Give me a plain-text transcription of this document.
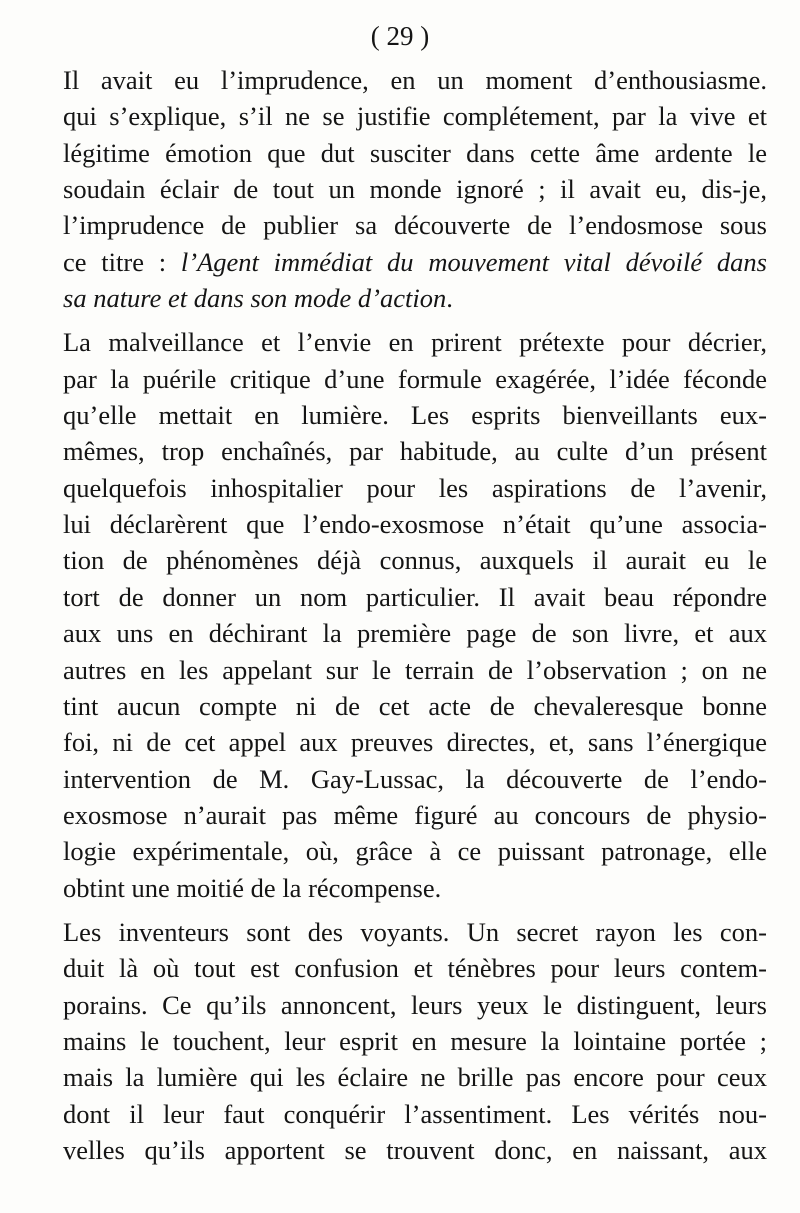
( 29 )
Il avait eu l’imprudence, en un moment d’enthousiasme.
qui s’explique, s’il ne se justifie complétement, par la vive et
légitime émotion que dut susciter dans cette âme ardente le
soudain éclair de tout un monde ignoré ; il avait eu, dis-je,
l’imprudence de publier sa découverte de l’endosmose sous
ce titre : l’Agent immédiat du mouvement vital dévoilé dans
sa nature et dans son mode d’action.
La malveillance et l’envie en prirent prétexte pour décrier,
par la puérile critique d’une formule exagérée, l’idée féconde
qu’elle mettait en lumière. Les esprits bienveillants eux-
mêmes, trop enchaînés, par habitude, au culte d’un présent
quelquefois inhospitalier pour les aspirations de l’avenir,
lui déclarèrent que l’endo-exosmose n’était qu’une associa-
tion de phénomènes déjà connus, auxquels il aurait eu le
tort de donner un nom particulier. Il avait beau répondre
aux uns en déchirant la première page de son livre, et aux
autres en les appelant sur le terrain de l’observation ; on ne
tint aucun compte ni de cet acte de chevaleresque bonne
foi, ni de cet appel aux preuves directes, et, sans l’énergique
intervention de M. Gay-Lussac, la découverte de l’endo-
exosmose n’aurait pas même figuré au concours de physio-
logie expérimentale, où, grâce à ce puissant patronage, elle
obtint une moitié de la récompense.
Les inventeurs sont des voyants. Un secret rayon les con-
duit là où tout est confusion et ténèbres pour leurs contem-
porains. Ce qu’ils annoncent, leurs yeux le distinguent, leurs
mains le touchent, leur esprit en mesure la lointaine portée ;
mais la lumière qui les éclaire ne brille pas encore pour ceux
dont il leur faut conquérir l’assentiment. Les vérités nou-
velles qu’ils apportent se trouvent donc, en naissant, aux
